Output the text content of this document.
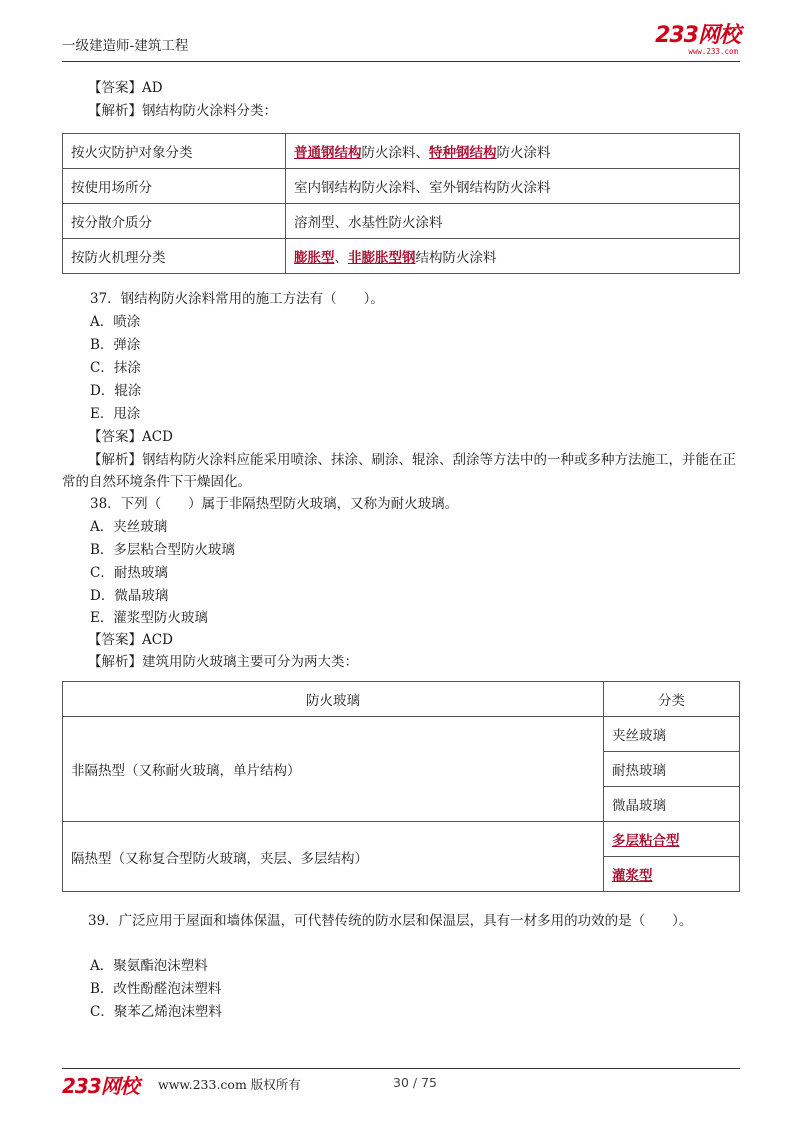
一级建造师-建筑工程	233网校
www.233.com
【答案】AD
【解析】钢结构防火涂料分类：
按火灾防护对象分类	普通钢结构防火涂料、特种钢结构防火涂料
按使用场所分	室内钢结构防火涂料、室外钢结构防火涂料
按分散介质分	溶剂型、水基性防火涂料
按防火机理分类	膨胀型、非膨胀型钢结构防火涂料
37．钢结构防火涂料常用的施工方法有（　　）。
A．喷涂
B．弹涂
C．抹涂
D．辊涂
E．甩涂
【答案】ACD
【解析】钢结构防火涂料应能采用喷涂、抹涂、刷涂、辊涂、刮涂等方法中的一种或多种方法施工，并能在正常的自然环境条件下干燥固化。
38．下列（　　）属于非隔热型防火玻璃，又称为耐火玻璃。
A．夹丝玻璃
B．多层粘合型防火玻璃
C．耐热玻璃
D．微晶玻璃
E．灌浆型防火玻璃
【答案】ACD
【解析】建筑用防火玻璃主要可分为两大类：
防火玻璃	分类
非隔热型（又称耐火玻璃，单片结构）	夹丝玻璃
	耐热玻璃
	微晶玻璃
隔热型（又称复合型防火玻璃，夹层、多层结构）	多层粘合型
	灌浆型
39．广泛应用于屋面和墙体保温，可代替传统的防水层和保温层，具有一材多用的功效的是（　　）。
A．聚氨酯泡沫塑料
B．改性酚醛泡沫塑料
C．聚苯乙烯泡沫塑料
233网校 www.233.com 版权所有	30 / 75
